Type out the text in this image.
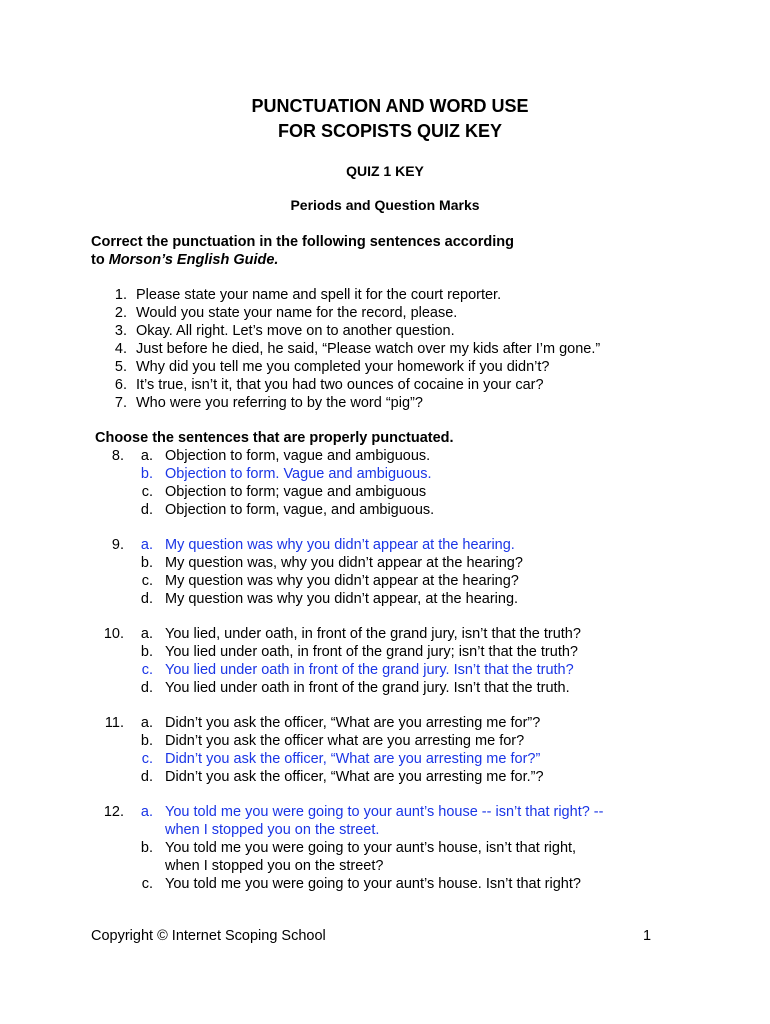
PUNCTUATION AND WORD USE
FOR SCOPISTS QUIZ KEY
QUIZ 1 KEY
Periods and Question Marks
Correct the punctuation in the following sentences according
to Morson’s English Guide.
1. Please state your name and spell it for the court reporter.
2. Would you state your name for the record, please.
3. Okay. All right. Let’s move on to another question.
4. Just before he died, he said, “Please watch over my kids after I’m gone.”
5. Why did you tell me you completed your homework if you didn’t?
6. It’s true, isn’t it, that you had two ounces of cocaine in your car?
7. Who were you referring to by the word “pig”?
Choose the sentences that are properly punctuated.
8.	a. Objection to form, vague and ambiguous.
b. Objection to form. Vague and ambiguous.
c. Objection to form; vague and ambiguous
d. Objection to form, vague, and ambiguous.
9.	a. My question was why you didn’t appear at the hearing.
b. My question was, why you didn’t appear at the hearing?
c. My question was why you didn’t appear at the hearing?
d. My question was why you didn’t appear, at the hearing.
10.	a. You lied, under oath, in front of the grand jury, isn’t that the truth?
b. You lied under oath, in front of the grand jury; isn’t that the truth?
c. You lied under oath in front of the grand jury. Isn’t that the truth?
d. You lied under oath in front of the grand jury. Isn’t that the truth.
11.	a. Didn’t you ask the officer, “What are you arresting me for”?
b. Didn’t you ask the officer what are you arresting me for?
c. Didn’t you ask the officer, “What are you arresting me for?”
d. Didn’t you ask the officer, “What are you arresting me for.”?
12.	a. You told me you were going to your aunt’s house -- isn’t that right? --
when I stopped you on the street.
b. You told me you were going to your aunt’s house, isn’t that right,
when I stopped you on the street?
c. You told me you were going to your aunt’s house. Isn’t that right?
Copyright © Internet Scoping School	1
